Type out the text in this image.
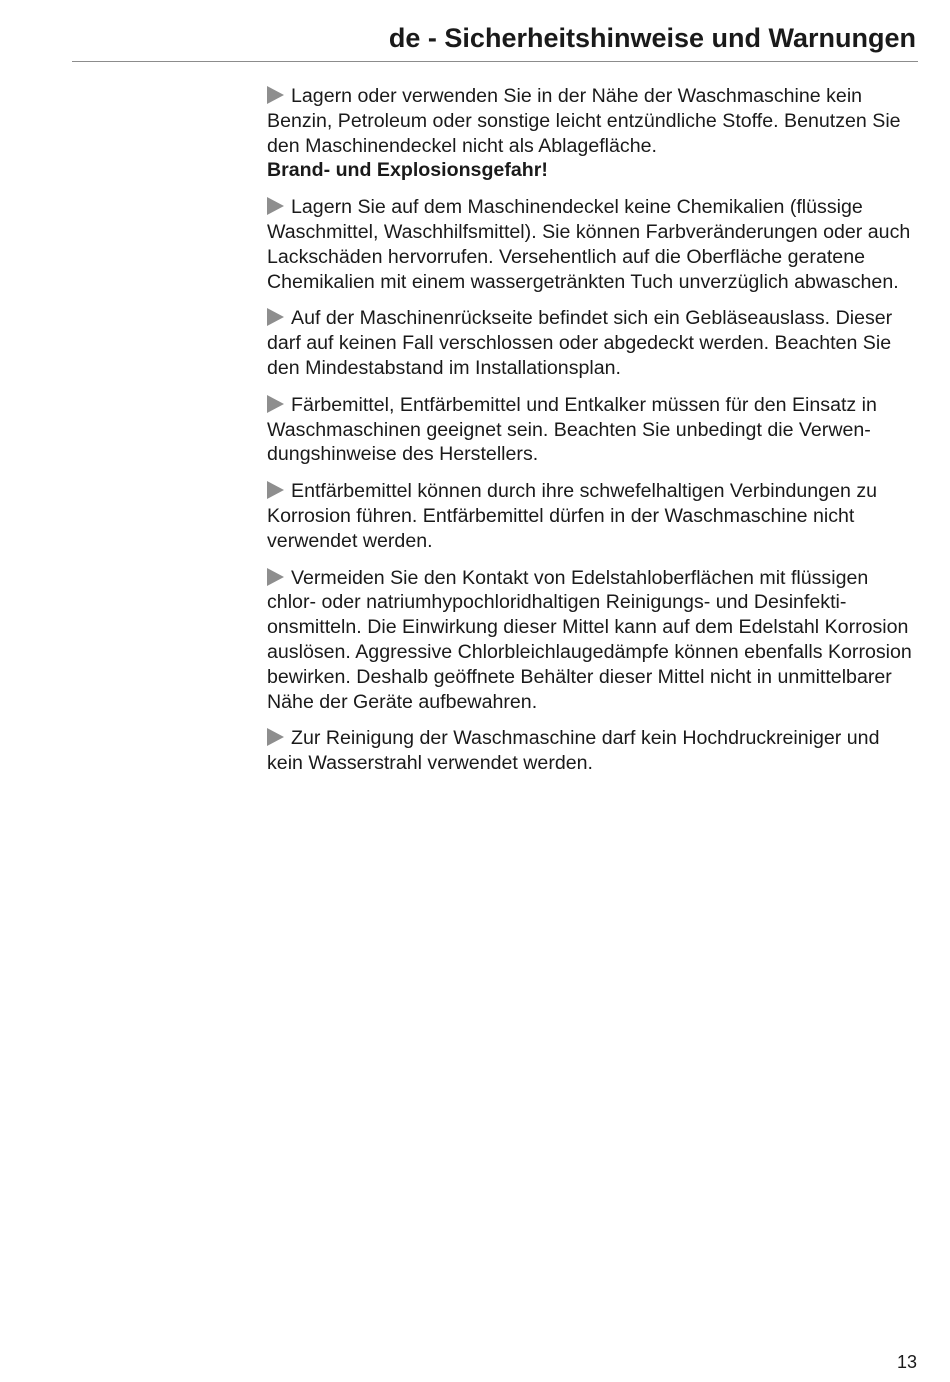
de - Sicherheitshinweise und Warnungen

Lagern oder verwenden Sie in der Nähe der Waschmaschine kein Benzin, Petroleum oder sonstige leicht entzündliche Stoffe. Benutzen Sie den Maschinendeckel nicht als Ablagefläche.
Brand- und Explosionsgefahr!

Lagern Sie auf dem Maschinendeckel keine Chemikalien (flüssige Waschmittel, Waschhilfsmittel). Sie können Farbveränderungen oder auch Lackschäden hervorrufen. Versehentlich auf die Oberfläche geratene Chemikalien mit einem wassergetränkten Tuch unverzüglich abwaschen.

Auf der Maschinenrückseite befindet sich ein Gebläseauslass. Dieser darf auf keinen Fall verschlossen oder abgedeckt werden. Beachten Sie den Mindestabstand im Installationsplan.

Färbemittel, Entfärbemittel und Entkalker müssen für den Einsatz in Waschmaschinen geeignet sein. Beachten Sie unbedingt die Verwendungshinweise des Herstellers.

Entfärbemittel können durch ihre schwefelhaltigen Verbindungen zu Korrosion führen. Entfärbemittel dürfen in der Waschmaschine nicht verwendet werden.

Vermeiden Sie den Kontakt von Edelstahloberflächen mit flüssigen chlor- oder natriumhypochloridhaltigen Reinigungs- und Desinfektionsmitteln. Die Einwirkung dieser Mittel kann auf dem Edelstahl Korrosion auslösen. Aggressive Chlorbleichlaugedämpfe können ebenfalls Korrosion bewirken. Deshalb geöffnete Behälter dieser Mittel nicht in unmittelbarer Nähe der Geräte aufbewahren.

Zur Reinigung der Waschmaschine darf kein Hochdruckreiniger und kein Wasserstrahl verwendet werden.

13
